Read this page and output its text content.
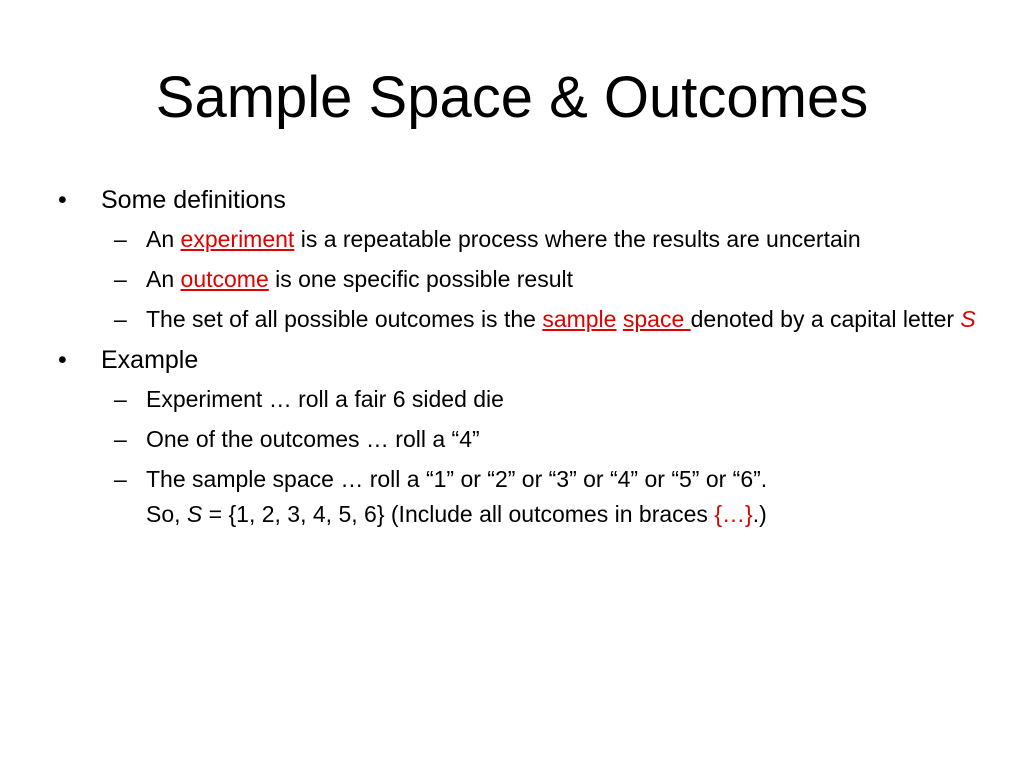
Sample Space & Outcomes
• Some definitions
– An experiment is a repeatable process where the results are uncertain
– An outcome is one specific possible result
– The set of all possible outcomes is the sample space denoted by a capital letter S
• Example
– Experiment … roll a fair 6 sided die
– One of the outcomes … roll a “4”
– The sample space … roll a “1” or “2” or “3” or “4” or “5” or “6”.
So, S = {1, 2, 3, 4, 5, 6} (Include all outcomes in braces {…}.)
